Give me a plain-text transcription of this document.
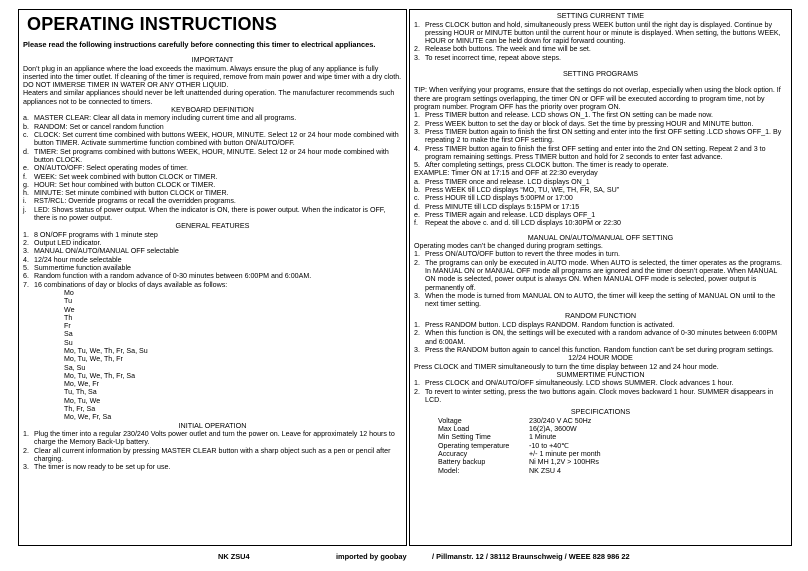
OPERATING INSTRUCTIONS
Please read the following instructions carefully before connecting this timer to electrical appliances.
IMPORTANT
Don’t plug in an appliance where the load exceeds the maximum. Always ensure the plug of any appliance is fully inserted into the timer outlet. If cleaning of the timer is required, remove from main power and wipe timer with a dry cloth.
DO NOT IMMERSE TIMER IN WATER OR ANY OTHER LIQUID.
Heaters and similar appliances should never be left unattended during operation. The manufacturer recommends such appliances not to be connected to timers.
KEYBOARD DEFINITION
a. MASTER CLEAR: Clear all data in memory including current time and all programs.
b. RANDOM: Set or cancel random function
c. CLOCK: Set current time combined with buttons WEEK, HOUR, MINUTE. Select 12 or 24 hour mode combined with button TIMER. Activate summertime function combined with button ON/AUTO/OFF.
d. TIMER: Set programs combined with buttons WEEK, HOUR, MINUTE. Select 12 or 24 hour mode combined with button CLOCK.
e. ON/AUTO/OFF: Select operating modes of timer.
f. WEEK: Set week combined with button CLOCK or TIMER.
g. HOUR: Set hour combined with button CLOCK or TIMER.
h. MINUTE: Set minute combined with button CLOCK or TIMER.
i.	RST/RCL: Override programs or recall the overridden programs.
j.	LED: Shows status of power output. When the indicator is ON, there is power output. When the indicator is OFF, there is no power output.
GENERAL FEATURES
1. 8 ON/OFF programs with 1 minute step
2. Output LED indicator.
3. MANUAL ON/AUTO/MANUAL OFF selectable
4. 12/24 hour mode selectable
5. Summertime function available
6. Random function with a random advance of 0-30 minutes between 6:00PM and 6:00AM.
7. 16 combinations of day or blocks of days available as follows:
Mo
Tu
We
Th
Fr
Sa
Su
Mo, Tu, We, Th, Fr, Sa, Su
Mo, Tu, We, Th, Fr
Sa, Su
Mo, Tu, We, Th, Fr, Sa
Mo, We, Fr
Tu, Th, Sa
Mo, Tu, We
Th, Fr, Sa
Mo, We, Fr, Sa
INITIAL OPERATION
1. Plug the timer into a regular 230/240 Volts power outlet and turn the power on. Leave for approximately 12 hours to charge the Memory Back-Up battery.
2. Clear all current information by pressing MASTER CLEAR button with a sharp object such as a pen or pencil after charging.
3. The timer is now ready to be set up for use.
SETTING CURRENT TIME
1. Press CLOCK button and hold, simultaneously press WEEK button until the right day is displayed. Continue by pressing HOUR or MINUTE button until the current hour or minute is displayed. When setting, the buttons WEEK, HOUR or MINUTE can be held down for rapid forward counting.
2. Release both buttons. The week and time will be set.
3. To reset incorrect time, repeat above steps.
SETTING PROGRAMS
TIP: When verifying your programs, ensure that the settings do not overlap, especially when using the block option. If there are program settings overlapping, the timer ON or OFF will be executed according to program time, not by program number. Program OFF has the priority over program ON.
1. Press TIMER button and release. LCD shows ON_1. The first ON setting can be made now.
2. Press WEEK button to set the day or block of days. Set the time by pressing HOUR and MINUTE button.
3. Press TIMER button again to finish the first ON setting and enter into the first OFF setting .LCD shows OFF_1. By repeating 2 to make the first OFF setting.
4. Press TIMER button again to finish the first OFF setting and enter into the 2nd ON setting. Repeat 2 and 3 to program remaining settings. Press TIMER button and hold for 2 seconds to enter fast advance.
5. After completing settings, press CLOCK button. The timer is ready to operate.
EXAMPLE: Timer ON at 17:15 and OFF at 22:30 everyday
a. Press TIMER once and release. LCD displays ON_1
b. Press WEEK till LCD displays “MO, TU, WE, TH, FR, SA, SU”
c. Press HOUR till LCD displays 5:00PM or 17:00
d. Press MINUTE till LCD displays 5:15PM or 17:15
e. Press TIMER again and release. LCD displays OFF_1
f. Repeat the above c. and d. till LCD displays 10:30PM or 22:30
MANUAL ON/AUTO/MANUAL OFF SETTING
Operating modes can’t be changed during program settings.
1. Press ON/AUTO/OFF button to revert the three modes in turn.
2. The programs can only be executed in AUTO mode. When AUTO is selected, the timer operates as the programs. In MANUAL ON or MANUAL OFF mode all programs are ignored and the timer doesn’t operate. When MANUAL ON mode is selected, power output is always ON. When MANUAL OFF mode is selected, power output is permanently off.
3. When the mode is turned from MANUAL ON to AUTO, the timer will keep the setting of MANUAL ON until to the next timer setting.
RANDOM FUNCTION
1. Press RANDOM button. LCD displays RANDOM. Random function is activated.
2. When this function is ON, the settings will be executed with a random advance of 0-30 minutes between 6:00PM and 6:00AM.
3. Press the RANDOM button again to cancel this function. Random function can't be set during program settings.
12/24 HOUR MODE
Press CLOCK and TIMER simultaneously to turn the time display between 12 and 24 hour mode.
SUMMERTIME FUNCTION
1. Press CLOCK and ON/AUTO/OFF simultaneously. LCD shows SUMMER. Clock advances 1 hour.
2. To revert to winter setting, press the two buttons again. Clock moves backward 1 hour. SUMMER disappears in LCD.
SPECIFICATIONS
Voltage	230/240 V AC 50Hz
Max Load	16(2)A, 3600W
Min Setting Time	1 Minute
Operating temperature	-10 to +40℃
Accuracy	+/- 1 minute per month
Battery backup	Ni MH 1,2V > 100HRs
Model:	NK ZSU 4
NK ZSU4	imported by goobay	/ Pillmanstr. 12 / 38112 Braunschweig / WEEE 828 986 22
